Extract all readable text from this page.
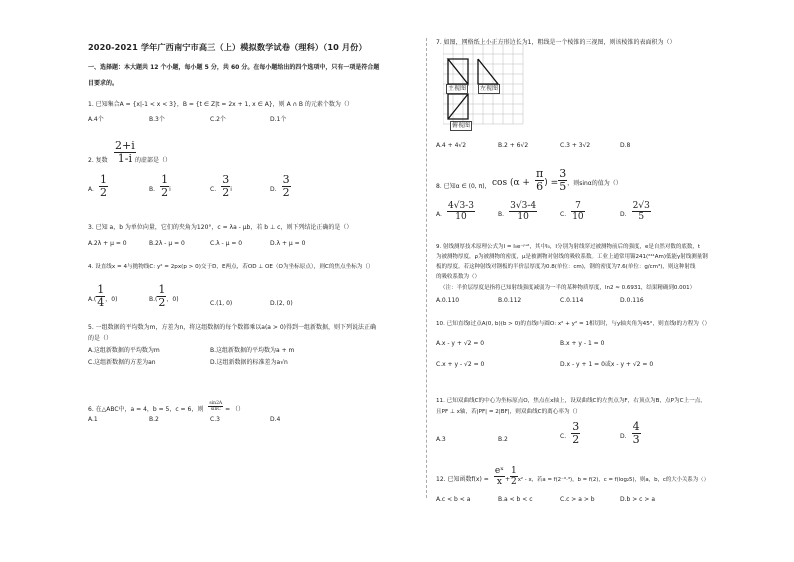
2020-2021 学年广西南宁市高三（上）模拟数学试卷（理科）（10 月份）
一、选择题：本大题共 12 个小题，每小题 5 分，共 60 分。在每小题给出的四个选项中，只有一项是符合题
目要求的。
1. 已知集合A = {x|-1 < x < 3}，B = {t ∈ Z|t = 2x + 1, x ∈ A}，则 A ∩ B 的元素个数为（）
A.4个	B.3个	C.2个	D.1个
2. 复数 $\frac{2+i}{1-i}$ 的虚部是（）
A. $\frac{1}{2}$	B. $\frac{1}{2}$ i	C. $\frac{3}{2}$ i	D. $\frac{3}{2}$
3. 已知 a，b 为单位向量，它们的夹角为120°，c = λa - μb，若 b ⊥ c，则下列结论正确的是（）
A.2λ + μ = 0	B.2λ - μ = 0	C.λ - μ = 0	D.λ + μ = 0
4. 设直线x = 4与抛物线C: y² = 2px(p > 0)交于D，E两点，若OD ⊥ OE（O为坐标原点），则C的焦点坐标为（）
$A.( \frac{1}{4}$ ，0)	$B.( \frac{1}{2}$ ，0)
C.(1, 0)	D.(2, 0)
5. 一组数据的平均数为m，方差为n，将这组数据的每个数都乘以a(a > 0)得到一组新数据，则下列说法正确
的是（）
A.这组新数据的平均数为m	B.这组新数据的平均数为a + m
C.这组新数据的方差为an	D.这组新数据的标准差为a√n
6. 在△ABC中，a = 4，b = 5，c = 6，则 $\frac{\sin 2A}{\sin C}$ = （）
A.1	B.2	C.3	D.4
7. 如图，网格纸上小正方形边长为1，粗线是一个棱锥的三视图，则该棱锥的表面积为（）
主视图	左视图
俯视图
A.4 + 4√2	B.2 + 6√2	C.3 + 3√2	D.8
8. 已知α ∈ (0, π)， $\cos (\alpha + \frac{\pi}{6}$ ) = $\frac{3}{5}$ ，则sinα的值为（）
A. $\frac{4√3-3}{10}$	B. $\frac{3√3-4}{10}$	C. $\frac{7}{10}$	D. $\frac{2√3}{5}$
9. 射线测厚技术原理公式为I = I₀e⁻ᵖᵘᵗ，其中I₀，I分别为射线穿过被测物前后的强度，e是自然对数的底数，t
为被测物厚度，ρ为被测物的密度，μ是被测物对射线的吸收系数。工业上通常用镅241(²⁴¹Am)低能γ射线测量钢
板的厚度。若这种射线对钢板的半价层厚度为0.8(单位：cm)，钢的密度为7.6(单位：g/cm³)，则这种射线
的吸收系数为（）
（注：半价层厚度是指将已知射线强度减弱为一半的某种物质厚度，ln2 ≈ 0.6931，结果精确到0.001）
A.0.110	B.0.112	C.0.114	D.0.116
10. 已知直线l过点A(0, b)(b > 0)的直线l与圆O: x² + y² = 1相切时，与y轴夹角为45°，则直线l的方程为（）
A.x - y + √2 = 0	B.x + y - 1 = 0
C.x + y - √2 = 0	D.x - y + 1 = 0或x - y + √2 = 0
11. 已知双曲线C的中心为坐标原点O，焦点在x轴上，设双曲线C的左焦点为F，右顶点为B，点P为C上一点，
且PF ⊥ x轴，若|PF| = 2|BF|，则双曲线C的离心率为（）
A.3	B.2	C. $\frac{3}{2}$	D. $\frac{4}{3}$
12. 已知函数$f(x) = \frac{\text{eˣ}}{x} + \frac{1}{2} x^2 - x$，若a = f(2⁻⁰·³)，b = f(2)，c = f(log₂5)，则a，b，c的大小关系为（）
A.c < b < a	B.a < b < c	C.c > a > b	D.b > c > a
